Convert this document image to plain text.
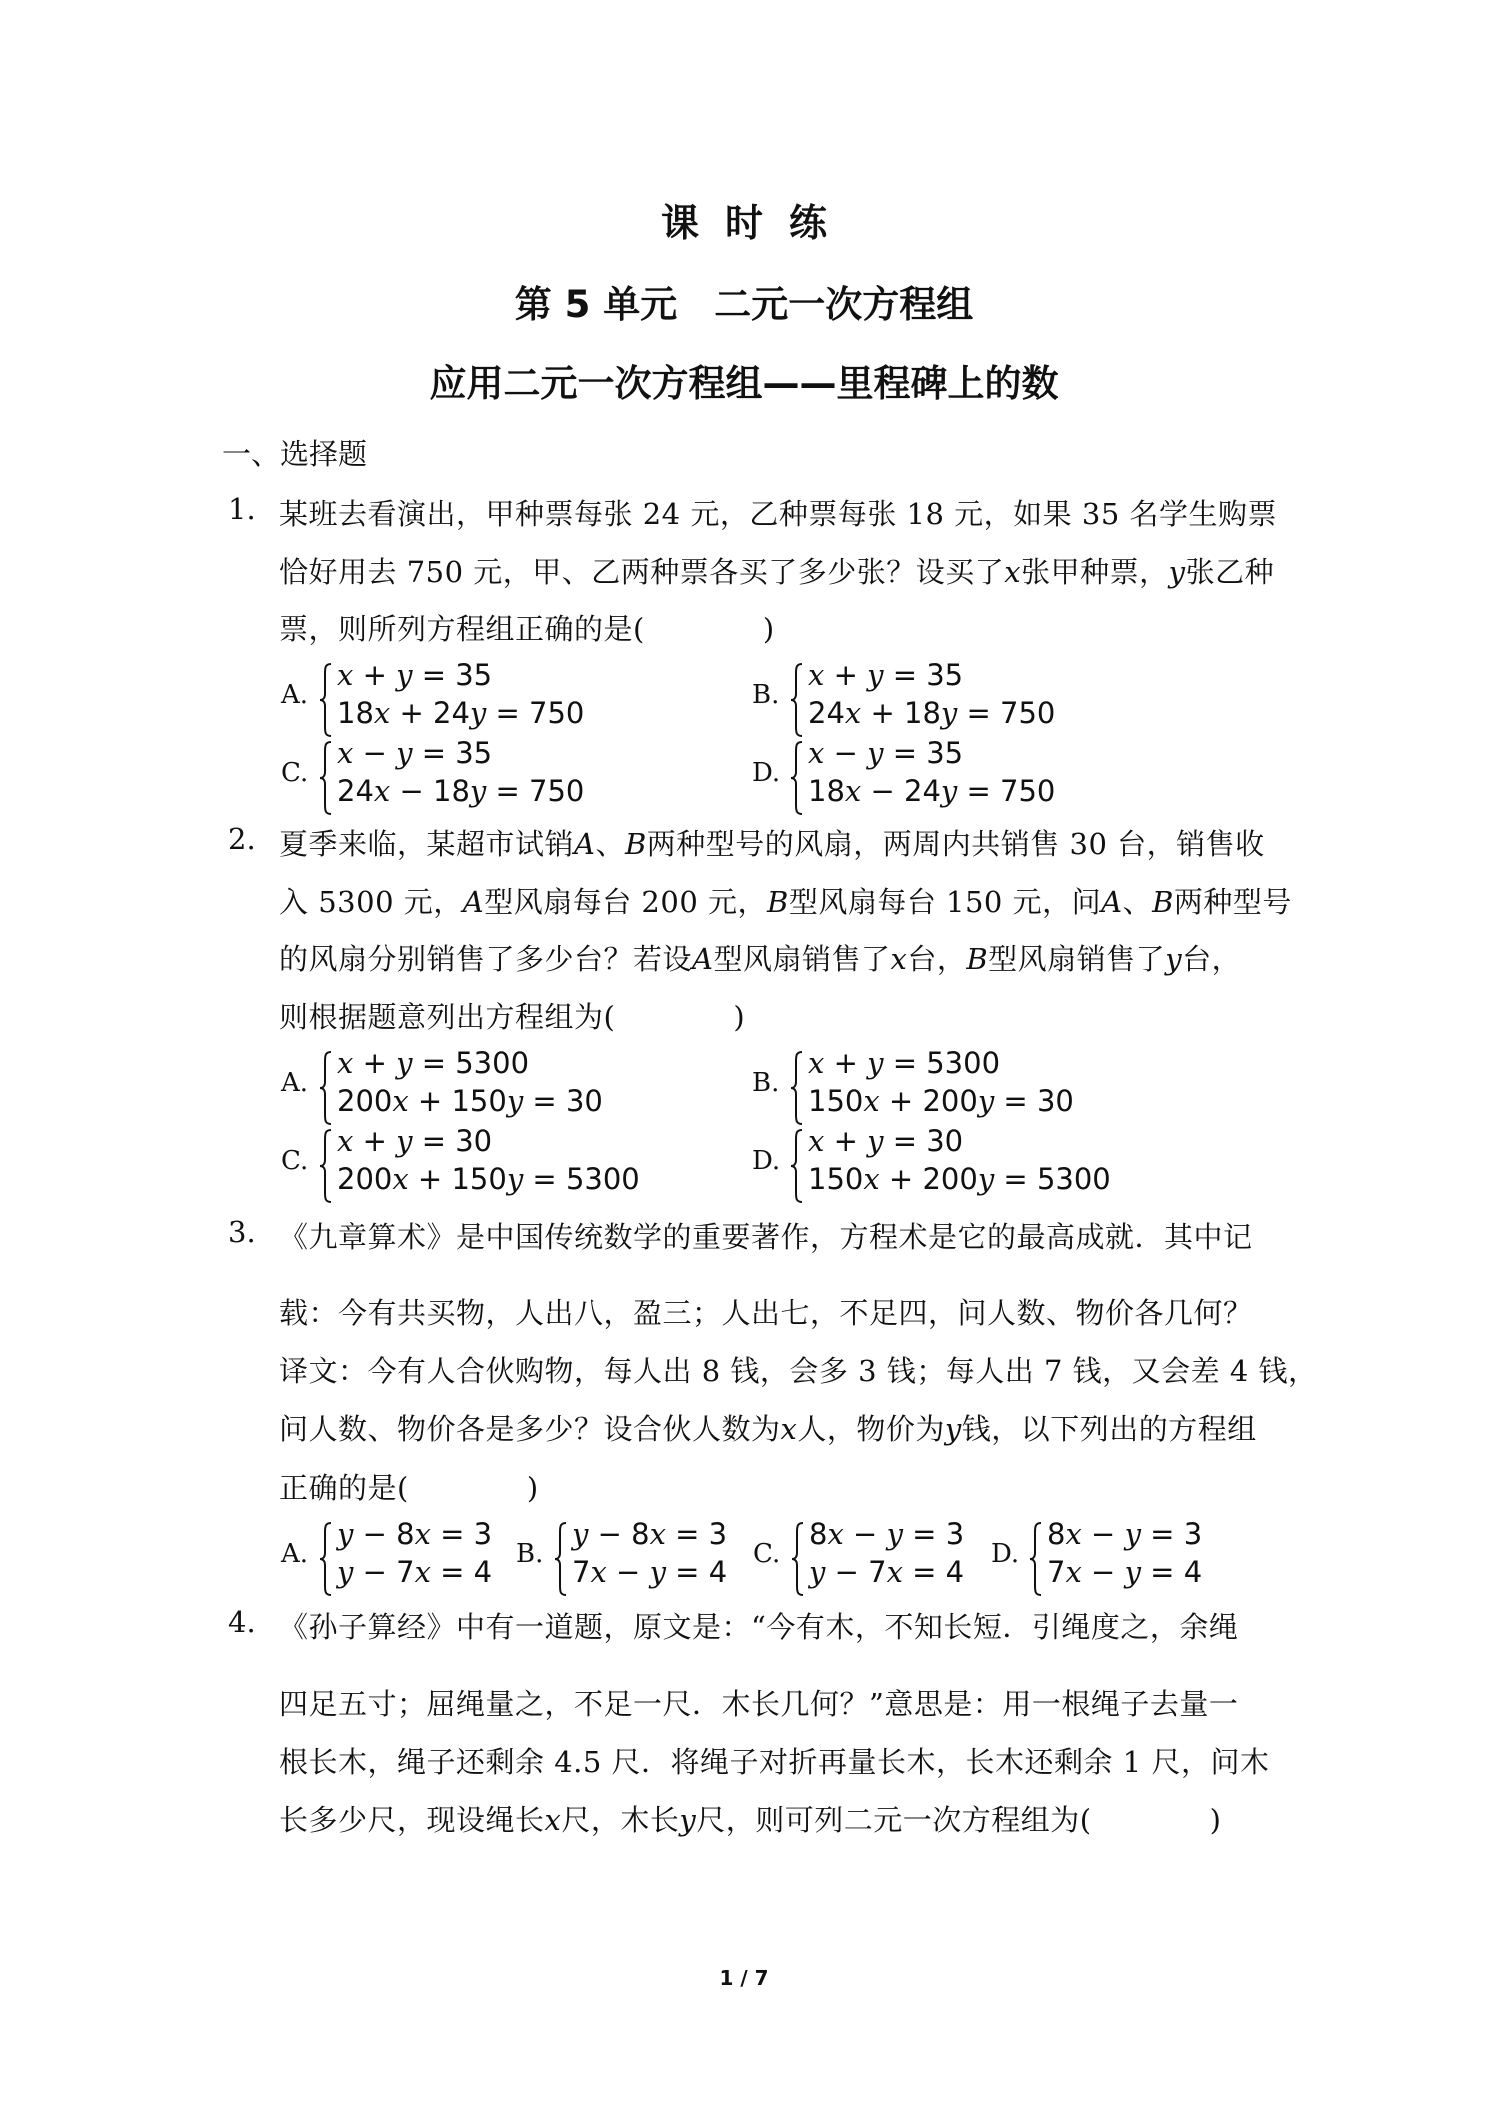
课时练
第 5 单元　二元一次方程组
应用二元一次方程组——里程碑上的数
一、选择题
1. 某班去看演出，甲种票每张 24 元，乙种票每张 18 元，如果 35 名学生购票
恰好用去 750 元，甲、乙两种票各买了多少张？设买了x张甲种票，y张乙种
票，则所列方程组正确的是(　　　　)
A.
x + y = 35
18x + 24y = 750
B.
x + y = 35
24x + 18y = 750
C.
x − y = 35
24x − 18y = 750
D.
x − y = 35
18x − 24y = 750
2. 夏季来临，某超市试销A、B两种型号的风扇，两周内共销售 30 台，销售收
入 5300 元，A型风扇每台 200 元，B型风扇每台 150 元，问A、B两种型号
的风扇分别销售了多少台？若设A型风扇销售了x台，B型风扇销售了y台，
则根据题意列出方程组为(　　　　)
A.
x + y = 5300
200x + 150y = 30
B.
x + y = 5300
150x + 200y = 30
C.
x + y = 30
200x + 150y = 5300
D.
x + y = 30
150x + 200y = 5300
3. 《九章算术》是中国传统数学的重要著作，方程术是它的最高成就．其中记
载：今有共买物，人出八，盈三；人出七，不足四，问人数、物价各几何？
译文：今有人合伙购物，每人出 8 钱，会多 3 钱；每人出 7 钱，又会差 4 钱，
问人数、物价各是多少？设合伙人数为x人，物价为y钱，以下列出的方程组
正确的是(　　　　)
A.
y − 8x = 3
y − 7x = 4
B.
y − 8x = 3
7x − y = 4
C.
8x − y = 3
y − 7x = 4
D.
8x − y = 3
7x − y = 4
4. 《孙子算经》中有一道题，原文是：“今有木，不知长短．引绳度之，余绳
四足五寸；屈绳量之，不足一尺．木长几何？”意思是：用一根绳子去量一
根长木，绳子还剩余 4.5 尺．将绳子对折再量长木，长木还剩余 1 尺，问木
长多少尺，现设绳长x尺，木长y尺，则可列二元一次方程组为(　　　　)
1 / 7
